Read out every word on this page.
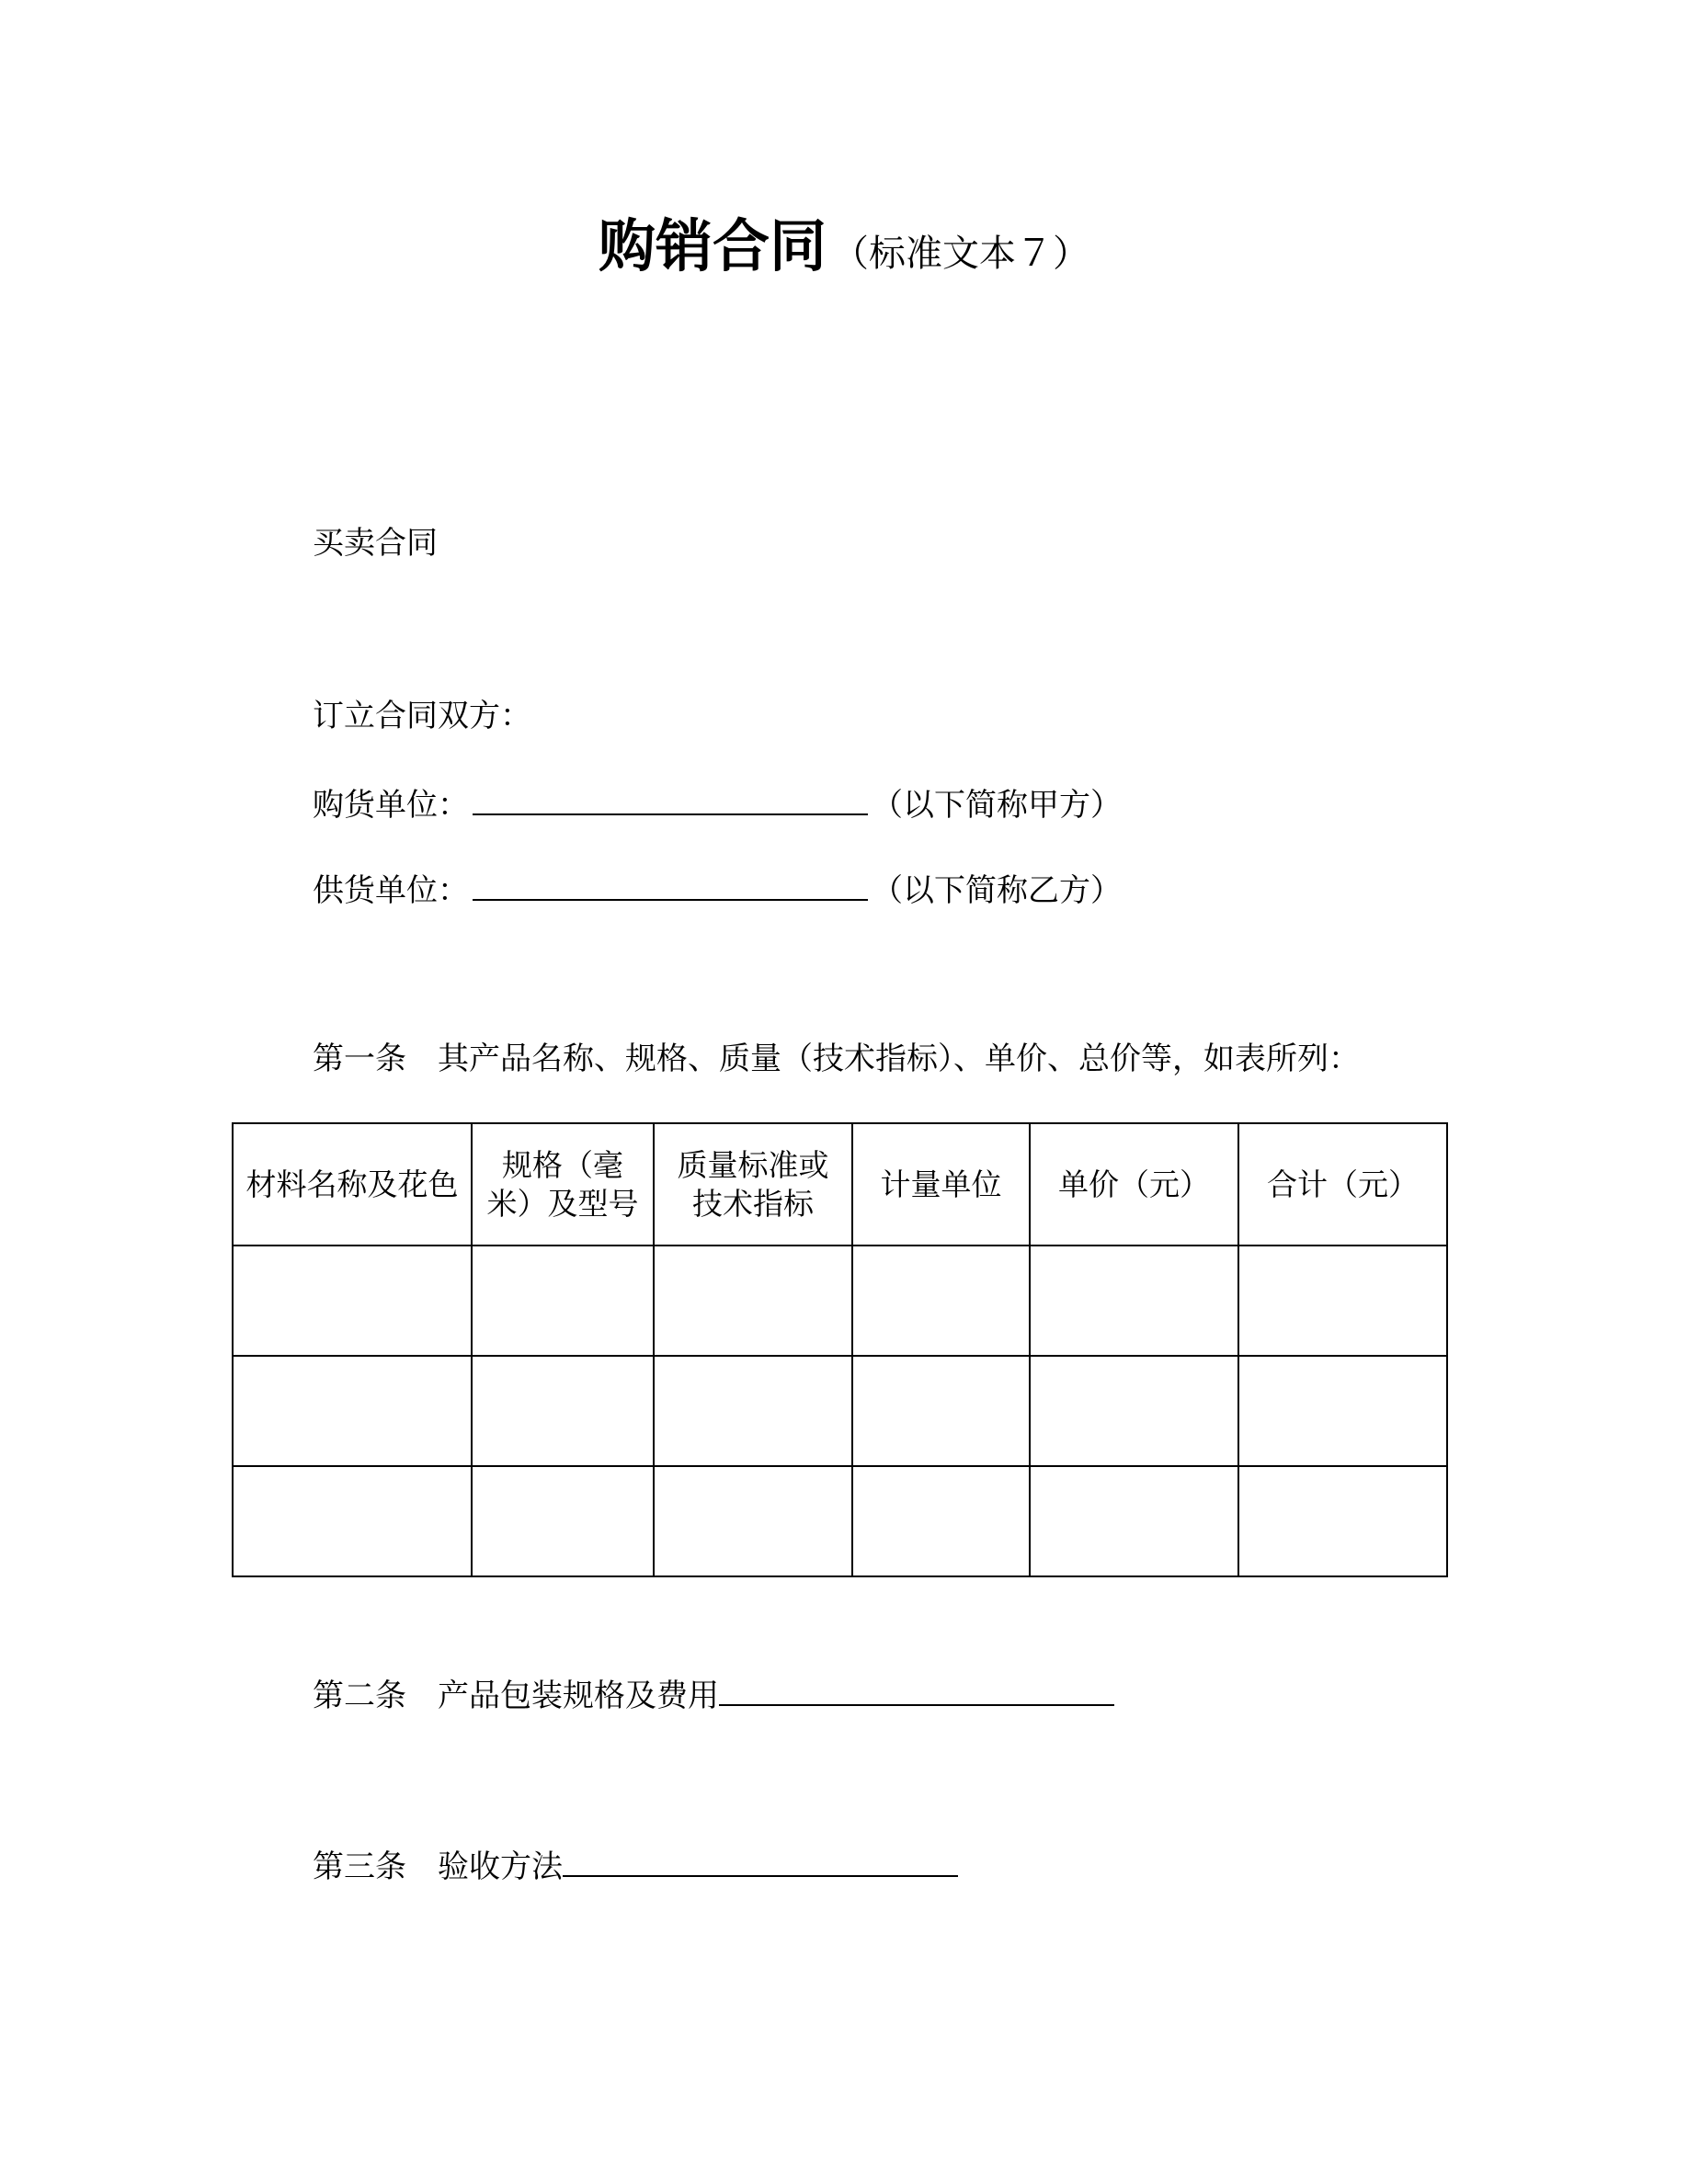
购销合同 （标准文本７）
买卖合同
订立合同双方：
购货单位：	（以下简称甲方）
供货单位：	（以下简称乙方）
第一条 其产品名称、规格、质量（技术指标）、单价、总价等，如表所列：
材料名称及花色	规格（毫米）及型号	质量标准或技术指标	计量单位	单价（元）	合计（元）

第二条 产品包装规格及费用
第三条 验收方法
